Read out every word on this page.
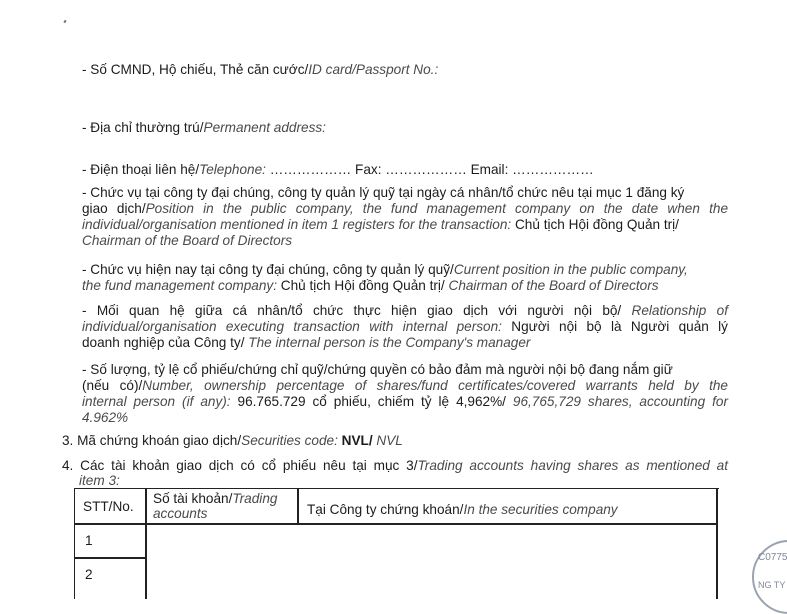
- Số CMND, Hộ chiếu, Thẻ căn cước/ID card/Passport No.:
- Địa chỉ thường trú/Permanent address:
- Điện thoại liên hệ/Telephone: ……………… Fax: ……………… Email: ………………
- Chức vụ tại công ty đại chúng, công ty quản lý quỹ tại ngày cá nhân/tổ chức nêu tại mục 1 đăng ký
giao dịch/Position in the public company, the fund management company on the date when the
individual/organisation mentioned in item 1 registers for the transaction: Chủ tịch Hội đồng Quản trị/
Chairman of the Board of Directors
- Chức vụ hiện nay tại công ty đại chúng, công ty quản lý quỹ/Current position in the public company,
the fund management company: Chủ tịch Hội đồng Quản trị/ Chairman of the Board of Directors
- Mối quan hệ giữa cá nhân/tổ chức thực hiện giao dịch với người nội bộ/ Relationship of
individual/organisation executing transaction with internal person: Người nội bộ là Người quản lý
doanh nghiệp của Công ty/ The internal person is the Company's manager
- Số lượng, tỷ lệ cổ phiếu/chứng chỉ quỹ/chứng quyền có bảo đảm mà người nội bộ đang nắm giữ
(nếu có)/Number, ownership percentage of shares/fund certificates/covered warrants held by the
internal person (if any): 96.765.729 cổ phiếu, chiếm tỷ lệ 4,962%/ 96,765,729 shares, accounting for
4.962%
3. Mã chứng khoán giao dịch/Securities code: NVL/ NVL
4. Các tài khoản giao dịch có cổ phiếu nêu tại mục 3/Trading accounts having shares as mentioned at
item 3:
STT/No.
Số tài khoản/Trading
accounts	Tại Công ty chứng khoán/In the securities company
1
2
C0775
NG TY
